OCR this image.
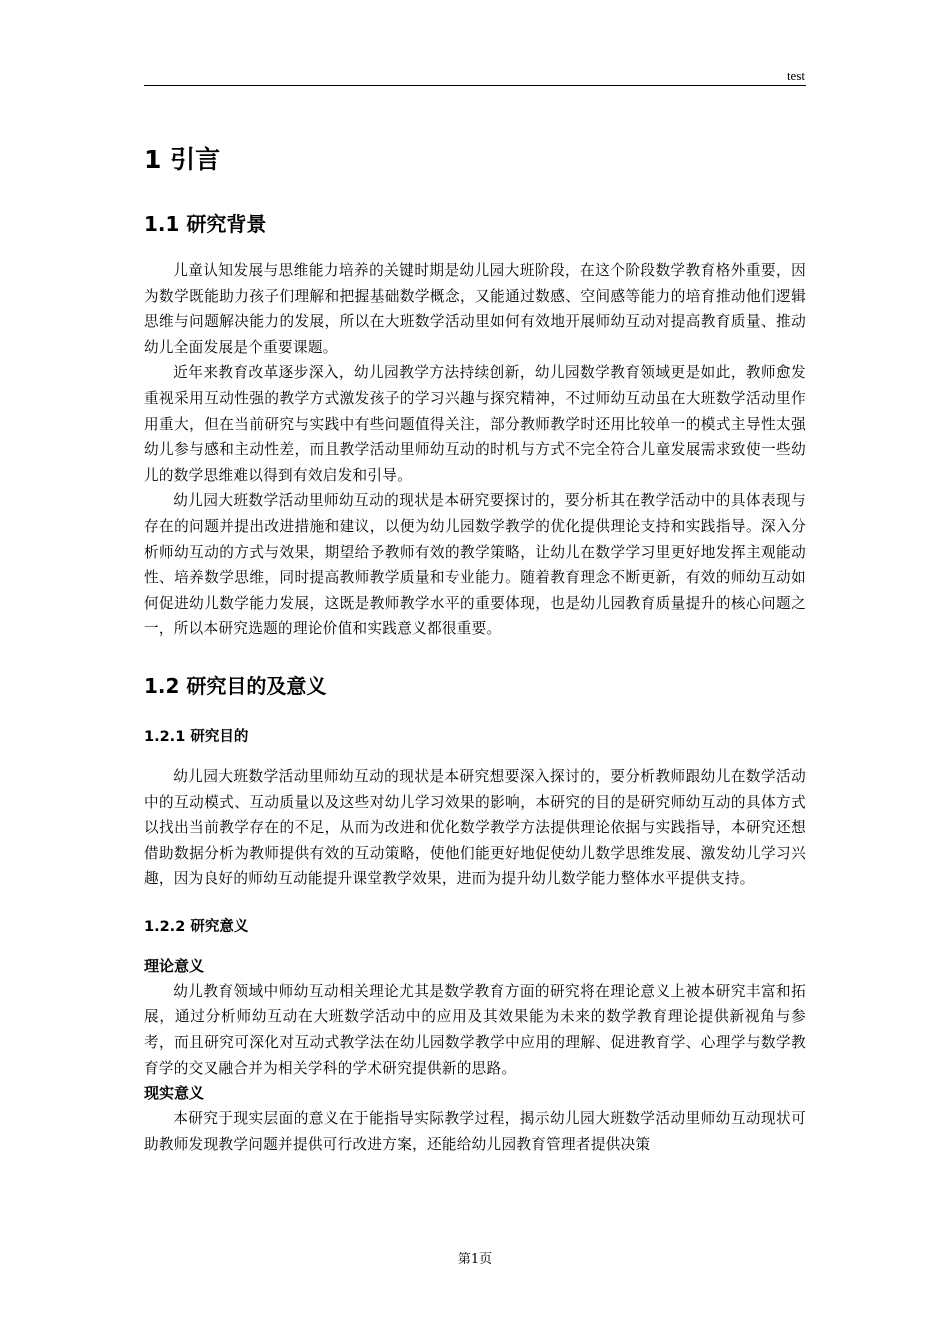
test
1 引言
1.1 研究背景

儿童认知发展与思维能力培养的关键时期是幼儿园大班阶段，在这个阶段数学教育格外重要，因为数学既能助力孩子们理解和把握基础数学概念，又能通过数感、空间感等能力的培育推动他们逻辑思维与问题解决能力的发展，所以在大班数学活动里如何有效地开展师幼互动对提高教育质量、推动幼儿全面发展是个重要课题。

近年来教育改革逐步深入，幼儿园教学方法持续创新，幼儿园数学教育领域更是如此，教师愈发重视采用互动性强的教学方式激发孩子的学习兴趣与探究精神，不过师幼互动虽在大班数学活动里作用重大，但在当前研究与实践中有些问题值得关注，部分教师教学时还用比较单一的模式主导性太强幼儿参与感和主动性差，而且教学活动里师幼互动的时机与方式不完全符合儿童发展需求致使一些幼儿的数学思维难以得到有效启发和引导。

幼儿园大班数学活动里师幼互动的现状是本研究要探讨的，要分析其在教学活动中的具体表现与存在的问题并提出改进措施和建议，以便为幼儿园数学教学的优化提供理论支持和实践指导。深入分析师幼互动的方式与效果，期望给予教师有效的教学策略，让幼儿在数学学习里更好地发挥主观能动性、培养数学思维，同时提高教师教学质量和专业能力。随着教育理念不断更新，有效的师幼互动如何促进幼儿数学能力发展，这既是教师教学水平的重要体现，也是幼儿园教育质量提升的核心问题之一，所以本研究选题的理论价值和实践意义都很重要。

1.2 研究目的及意义
1.2.1 研究目的

幼儿园大班数学活动里师幼互动的现状是本研究想要深入探讨的，要分析教师跟幼儿在数学活动中的互动模式、互动质量以及这些对幼儿学习效果的影响，本研究的目的是研究师幼互动的具体方式以找出当前教学存在的不足，从而为改进和优化数学教学方法提供理论依据与实践指导，本研究还想借助数据分析为教师提供有效的互动策略，使他们能更好地促使幼儿数学思维发展、激发幼儿学习兴趣，因为良好的师幼互动能提升课堂教学效果，进而为提升幼儿数学能力整体水平提供支持。

1.2.2 研究意义
理论意义

幼儿教育领域中师幼互动相关理论尤其是数学教育方面的研究将在理论意义上被本研究丰富和拓展，通过分析师幼互动在大班数学活动中的应用及其效果能为未来的数学教育理论提供新视角与参考，而且研究可深化对互动式教学法在幼儿园数学教学中应用的理解、促进教育学、心理学与数学教育学的交叉融合并为相关学科的学术研究提供新的思路。

现实意义

本研究于现实层面的意义在于能指导实际教学过程，揭示幼儿园大班数学活动里师幼互动现状可助教师发现教学问题并提供可行改进方案，还能给幼儿园教育管理者提供决策

第1页
